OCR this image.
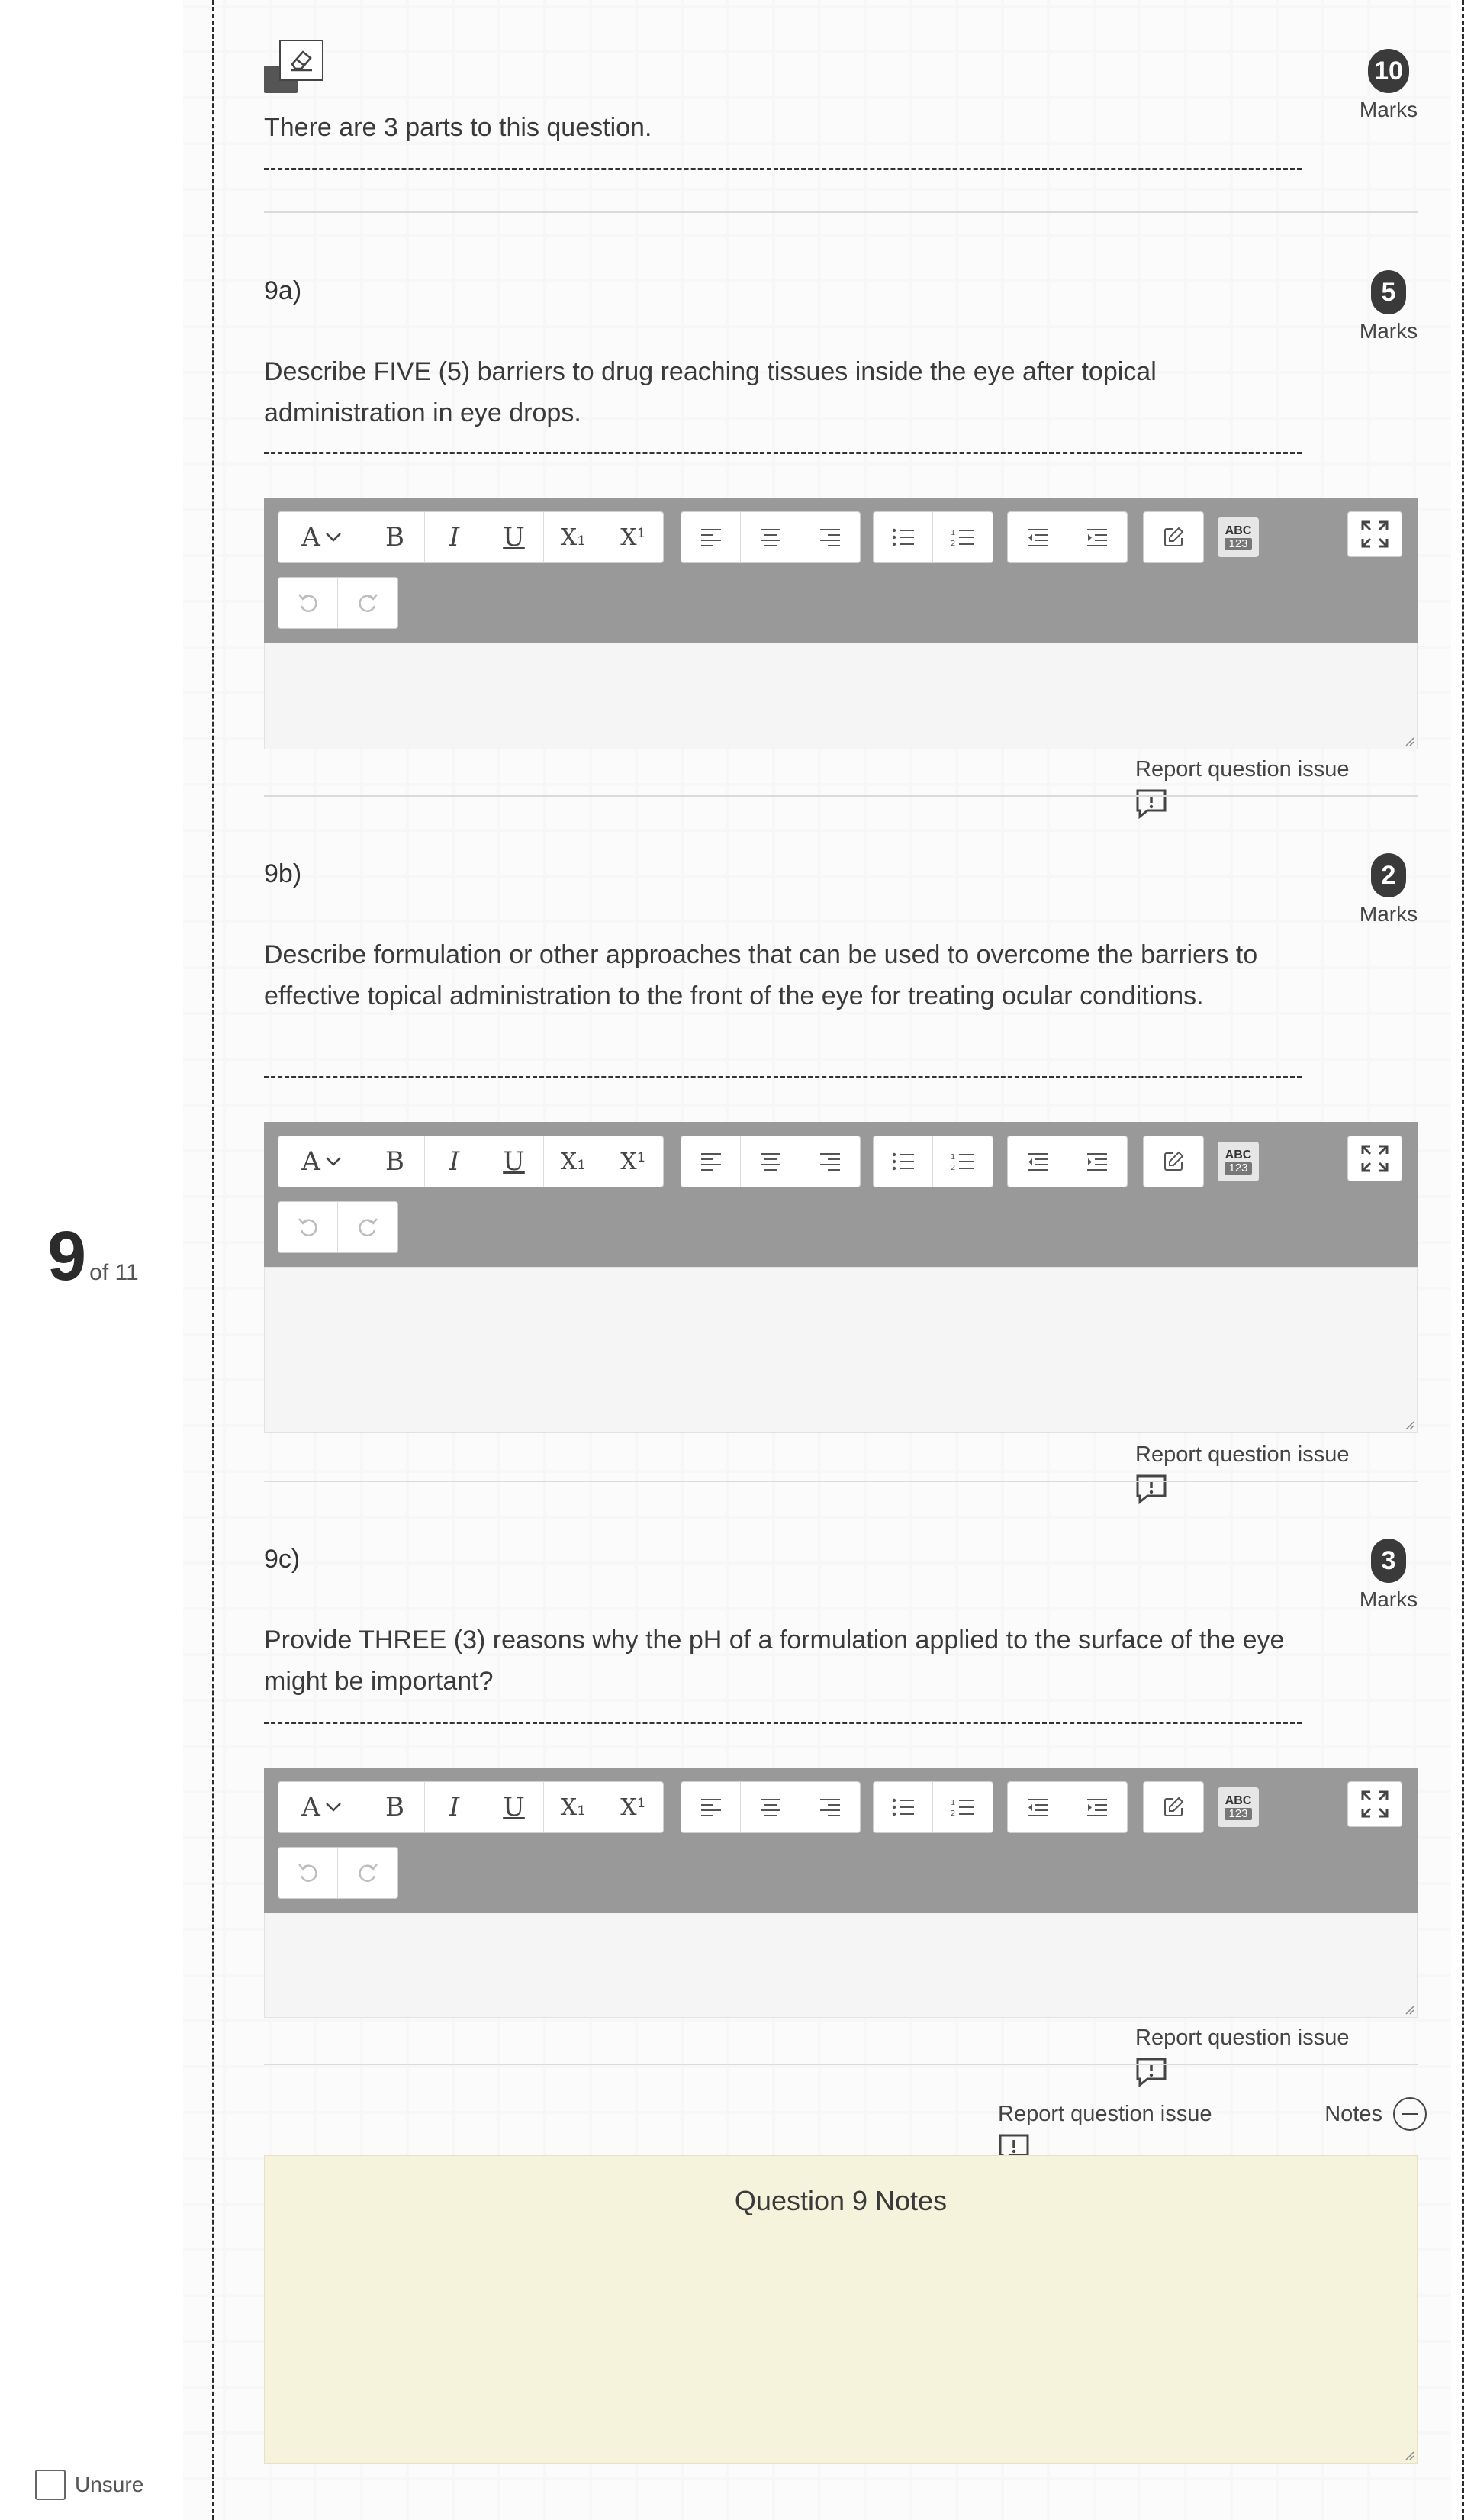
9 of 11
Unsure
There are 3 parts to this question.
10
Marks
9a)	5
Marks
Describe FIVE (5) barriers to drug reaching tissues inside the eye after topical administration in eye drops.
A	B	I	U	X₁	X¹	1
2
ABC
123
Report question issue
9b)	2
Marks
Describe formulation or other approaches that can be used to overcome the barriers to effective topical administration to the front of the eye for treating ocular conditions.
A	B	I	U	X₁	X¹	1
2
ABC
123
Report question issue
9c)	3
Marks
Provide THREE (3) reasons why the pH of a formulation applied to the surface of the eye might be important?
A	B	I	U	X₁	X¹	1
2
ABC
123
Report question issue
Report question issue	Notes
Question 9 Notes
